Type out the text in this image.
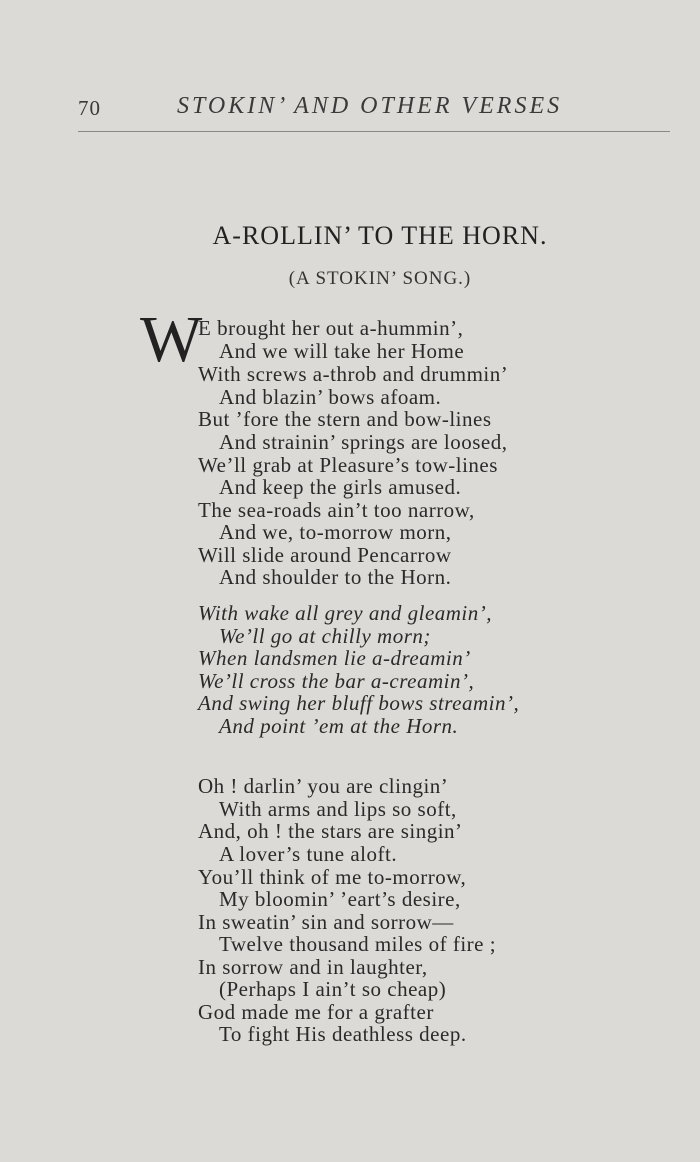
70	STOKIN’ AND OTHER VERSES
A-ROLLIN’ TO THE HORN.
(A STOKIN’ SONG.)
W
E brought her out a-hummin’,
And we will take her Home
With screws a-throb and drummin’
And blazin’ bows afoam.
But ’fore the stern and bow-lines
And strainin’ springs are loosed,
We’ll grab at Pleasure’s tow-lines
And keep the girls amused.
The sea-roads ain’t too narrow,
And we, to-morrow morn,
Will slide around Pencarrow
And shoulder to the Horn.
With wake all grey and gleamin’,
We’ll go at chilly morn;
When landsmen lie a-dreamin’
We’ll cross the bar a-creamin’,
And swing her bluff bows streamin’,
And point ’em at the Horn.
Oh ! darlin’ you are clingin’
With arms and lips so soft,
And, oh ! the stars are singin’
A lover’s tune aloft.
You’ll think of me to-morrow,
My bloomin’ ’eart’s desire,
In sweatin’ sin and sorrow—
Twelve thousand miles of fire ;
In sorrow and in laughter,
(Perhaps I ain’t so cheap)
God made me for a grafter
To fight His deathless deep.
